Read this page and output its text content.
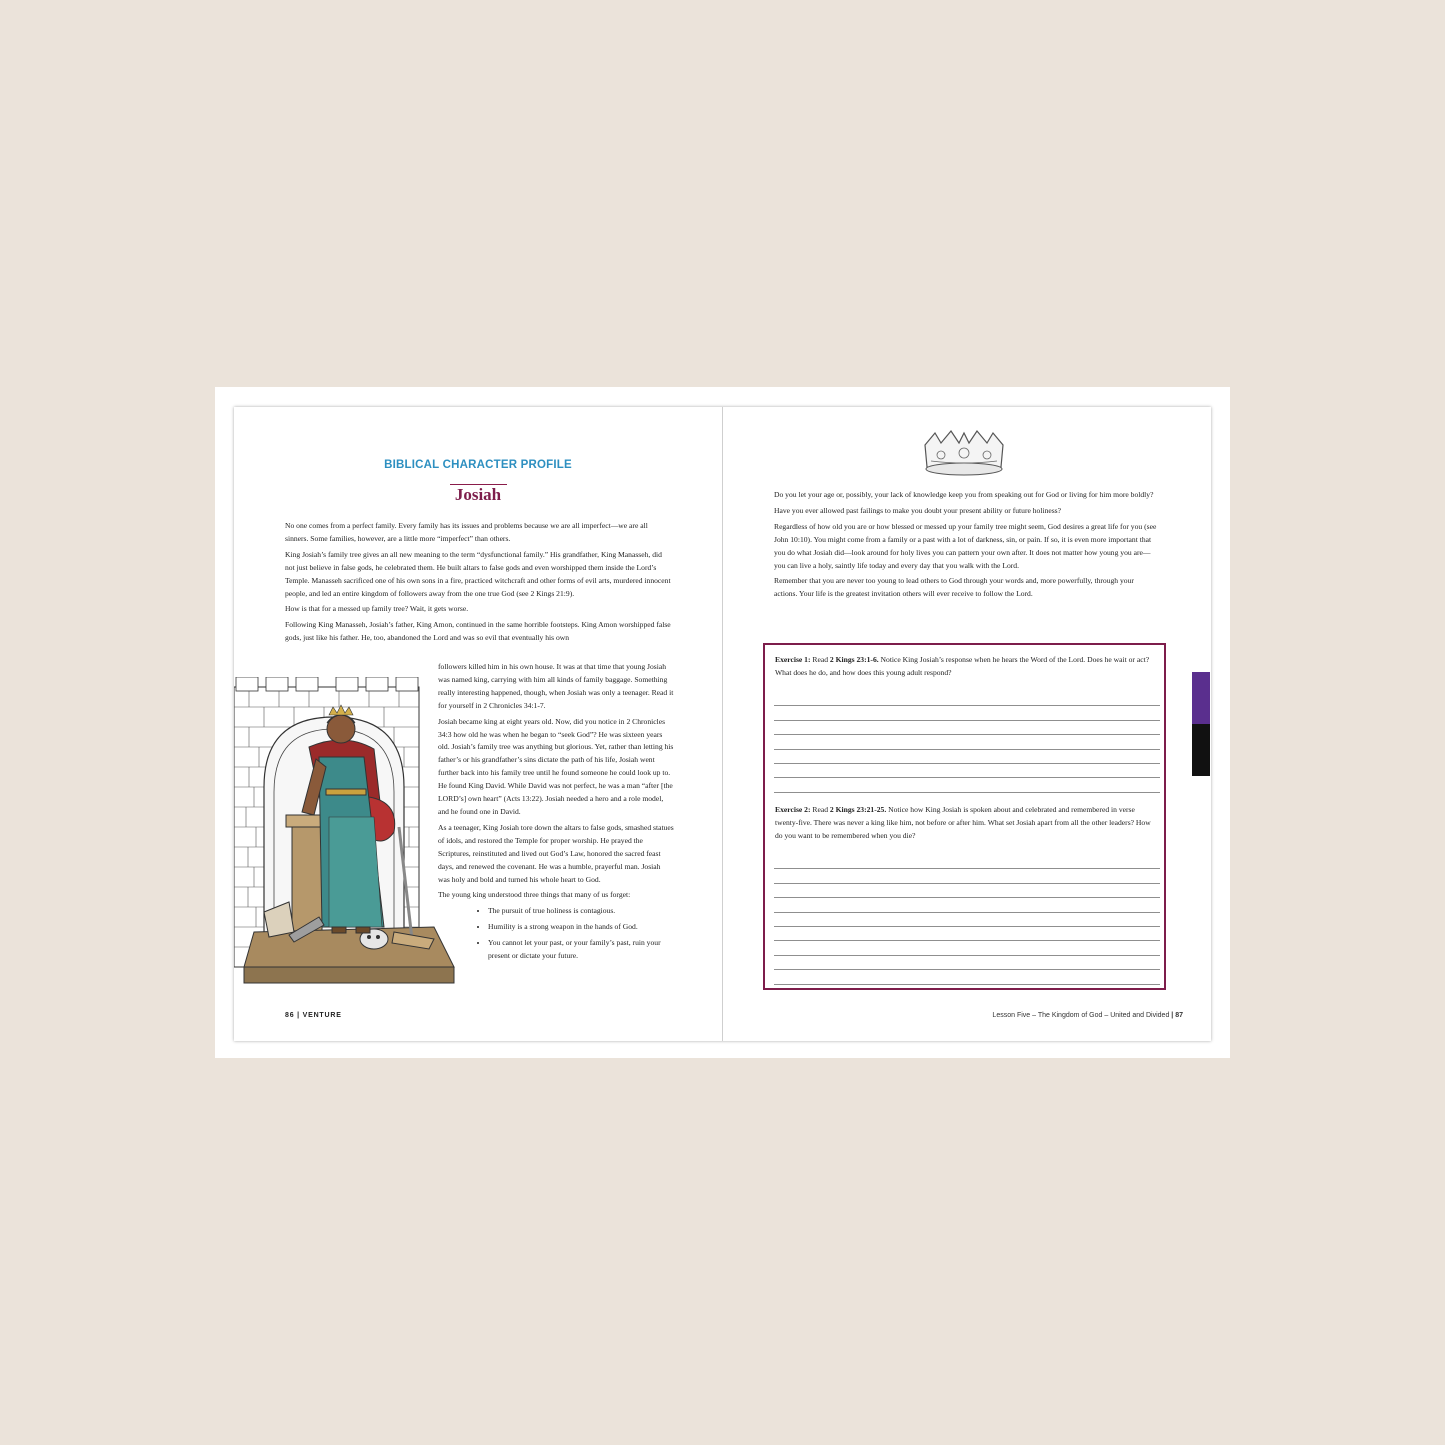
BIBLICAL CHARACTER PROFILE
Josiah

No one comes from a perfect family. Every family has its issues and problems because we are all imperfect—we are all sinners. Some families, however, are a little more “imperfect” than others.

King Josiah’s family tree gives an all new meaning to the term “dysfunctional family.” His grandfather, King Manasseh, did not just believe in false gods, he celebrated them. He built altars to false gods and even worshipped them inside the Lord’s Temple. Manasseh sacrificed one of his own sons in a fire, practiced witchcraft and other forms of evil arts, murdered innocent people, and led an entire kingdom of followers away from the one true God (see 2 Kings 21:9).

How is that for a messed up family tree? Wait, it gets worse.

Following King Manasseh, Josiah’s father, King Amon, continued in the same horrible footsteps. King Amon worshipped false gods, just like his father. He, too, abandoned the Lord and was so evil that eventually his own

followers killed him in his own house. It was at that time that young Josiah was named king, carrying with him all kinds of family baggage. Something really interesting happened, though, when Josiah was only a teenager. Read it for yourself in 2 Chronicles 34:1-7.

Josiah became king at eight years old. Now, did you notice in 2 Chronicles 34:3 how old he was when he began to “seek God”? He was sixteen years old. Josiah’s family tree was anything but glorious. Yet, rather than letting his father’s or his grandfather’s sins dictate the path of his life, Josiah went further back into his family tree until he found someone he could look up to. He found King David. While David was not perfect, he was a man “after [the LORD’s] own heart” (Acts 13:22). Josiah needed a hero and a role model, and he found one in David.

As a teenager, King Josiah tore down the altars to false gods, smashed statues of idols, and restored the Temple for proper worship. He prayed the Scriptures, reinstituted and lived out God’s Law, honored the sacred feast days, and renewed the covenant. He was a humble, prayerful man. Josiah was holy and bold and turned his whole heart to God.

The young king understood three things that many of us forget:

• The pursuit of true holiness is contagious.
• Humility is a strong weapon in the hands of God.
• You cannot let your past, or your family’s past, ruin your present or dictate your future.
86 | VENTURE

Do you let your age or, possibly, your lack of knowledge keep you from speaking out for God or living for him more boldly?

Have you ever allowed past failings to make you doubt your present ability or future holiness?

Regardless of how old you are or how blessed or messed up your family tree might seem, God desires a great life for you (see John 10:10). You might come from a family or a past with a lot of darkness, sin, or pain. If so, it is even more important that you do what Josiah did—look around for holy lives you can pattern your own after. It does not matter how young you are—you can live a holy, saintly life today and every day that you walk with the Lord.

Remember that you are never too young to lead others to God through your words and, more powerfully, through your actions. Your life is the greatest invitation others will ever receive to follow the Lord.

Exercise 1: Read 2 Kings 23:1-6. Notice King Josiah’s response when he hears the Word of the Lord. Does he wait or act? What does he do, and how does this young adult respond?
Exercise 2: Read 2 Kings 23:21-25. Notice how King Josiah is spoken about and celebrated and remembered in verse twenty-five. There was never a king like him, not before or after him. What set Josiah apart from all the other leaders? How do you want to be remembered when you die?
Lesson Five – The Kingdom of God – United and Divided | 87
